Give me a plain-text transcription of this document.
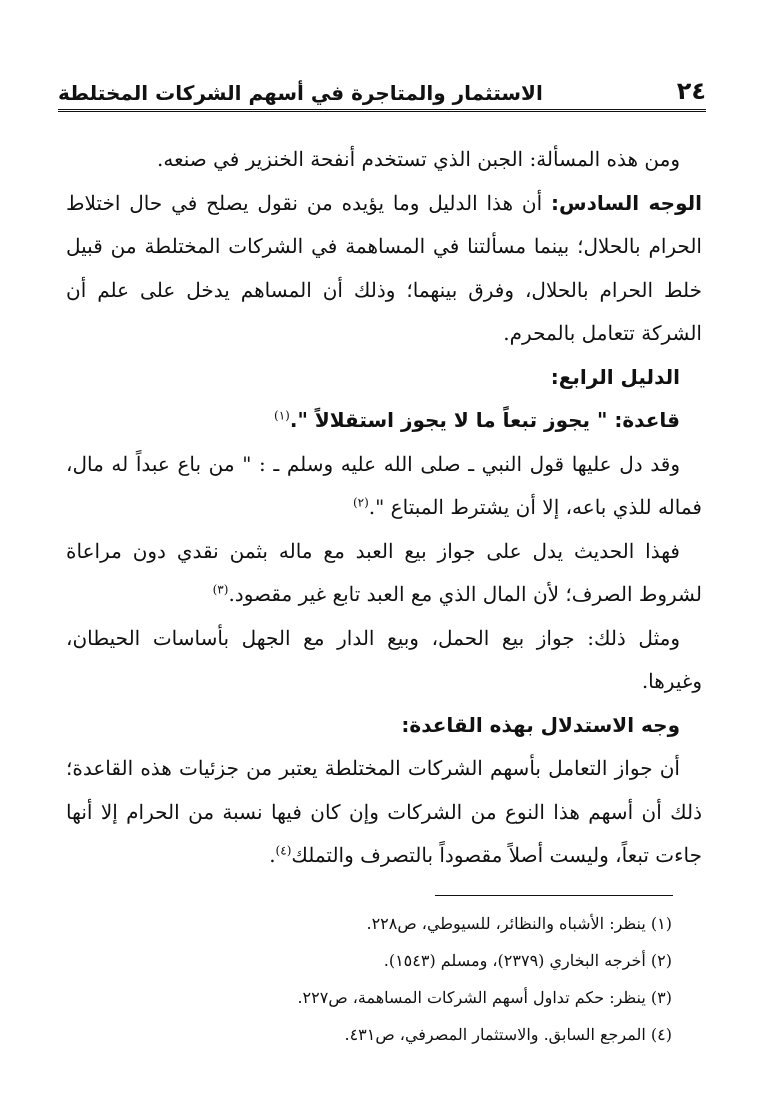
٢٤
الاستثمار والمتاجرة في أسهم الشركات المختلطة

ومن هذه المسألة: الجبن الذي تستخدم أنفحة الخنزير في صنعه.

الوجه السادس: أن هذا الدليل وما يؤيده من نقول يصلح في حال اختلاط الحرام بالحلال؛ بينما مسألتنا في المساهمة في الشركات المختلطة من قبيل خلط الحرام بالحلال، وفرق بينهما؛ وذلك أن المساهم يدخل على علم أن الشركة تتعامل بالمحرم.

الدليل الرابع:

قاعدة: " يجوز تبعاً ما لا يجوز استقلالاً ".$^{(١)}$

وقد دل عليها قول النبي ـ صلى الله عليه وسلم ـ : " من باع عبداً له مال، فماله للذي باعه، إلا أن يشترط المبتاع ".$^{(٢)}$

فهذا الحديث يدل على جواز بيع العبد مع ماله بثمن نقدي دون مراعاة لشروط الصرف؛ لأن المال الذي مع العبد تابع غير مقصود.$^{(٣)}$

ومثل ذلك: جواز بيع الحمل، وبيع الدار مع الجهل بأساسات الحيطان، وغيرها.

وجه الاستدلال بهذه القاعدة:

أن جواز التعامل بأسهم الشركات المختلطة يعتبر من جزئيات هذه القاعدة؛ ذلك أن أسهم هذا النوع من الشركات وإن كان فيها نسبة من الحرام إلا أنها جاءت تبعاً، وليست أصلاً مقصوداً بالتصرف والتملك$^{(٤)}$.

(١) ينظر: الأشباه والنظائر، للسيوطي، ص٢٢٨.

(٢) أخرجه البخاري (٢٣٧٩)، ومسلم (١٥٤٣).

(٣) ينظر: حكم تداول أسهم الشركات المساهمة، ص٢٢٧.

(٤) المرجع السابق. والاستثمار المصرفي، ص٤٣١.
